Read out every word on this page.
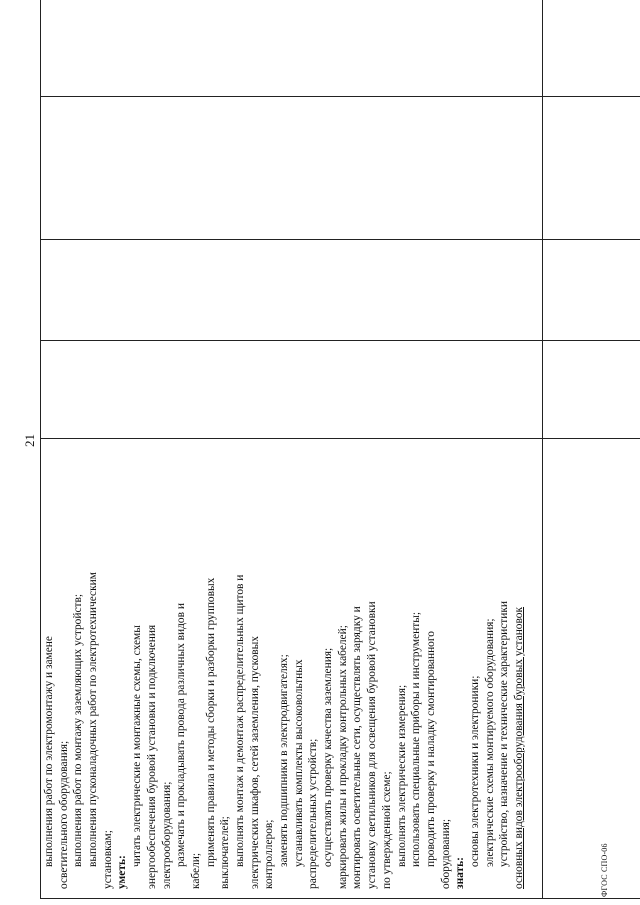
21
выполнения работ по электромонтажу и замене осветительного оборудования; выполнения работ по монтажу заземляющих устройств; выполнения пусконаладочных работ по электротехническим установкам; уметь:
читать электрические и монтажные схемы, схемы энергообеспечения буровой установки и подключения электрооборудования; размечать и прокладывать провода различных видов и
кабели;
применять правила и методы сборки и разборки групповых выключателей; выполнять монтаж и демонтаж распределительных щитов и электрических шкафов, сетей заземления, пусковых контроллеров; заменять подшипники в электродвигателях; устанавливать комплекты высоковольтных распределительных устройств; осуществлять проверку качества заземления; маркировать жилы и прокладку контрольных кабелей; монтировать осветительные сети, осуществлять зарядку и установку светильников для освещения буровой установки по утвержденной схеме; выполнять электрические измерения; использовать специальные приборы и инструменты; проводить проверку и наладку смонтированного оборудования; знать:
основы электротехники и электроники; электрические схемы монтируемого оборудования; устройство, назначение и технические характеристики основных видов электрооборудования буровых установок	ФГОС СПО-06
